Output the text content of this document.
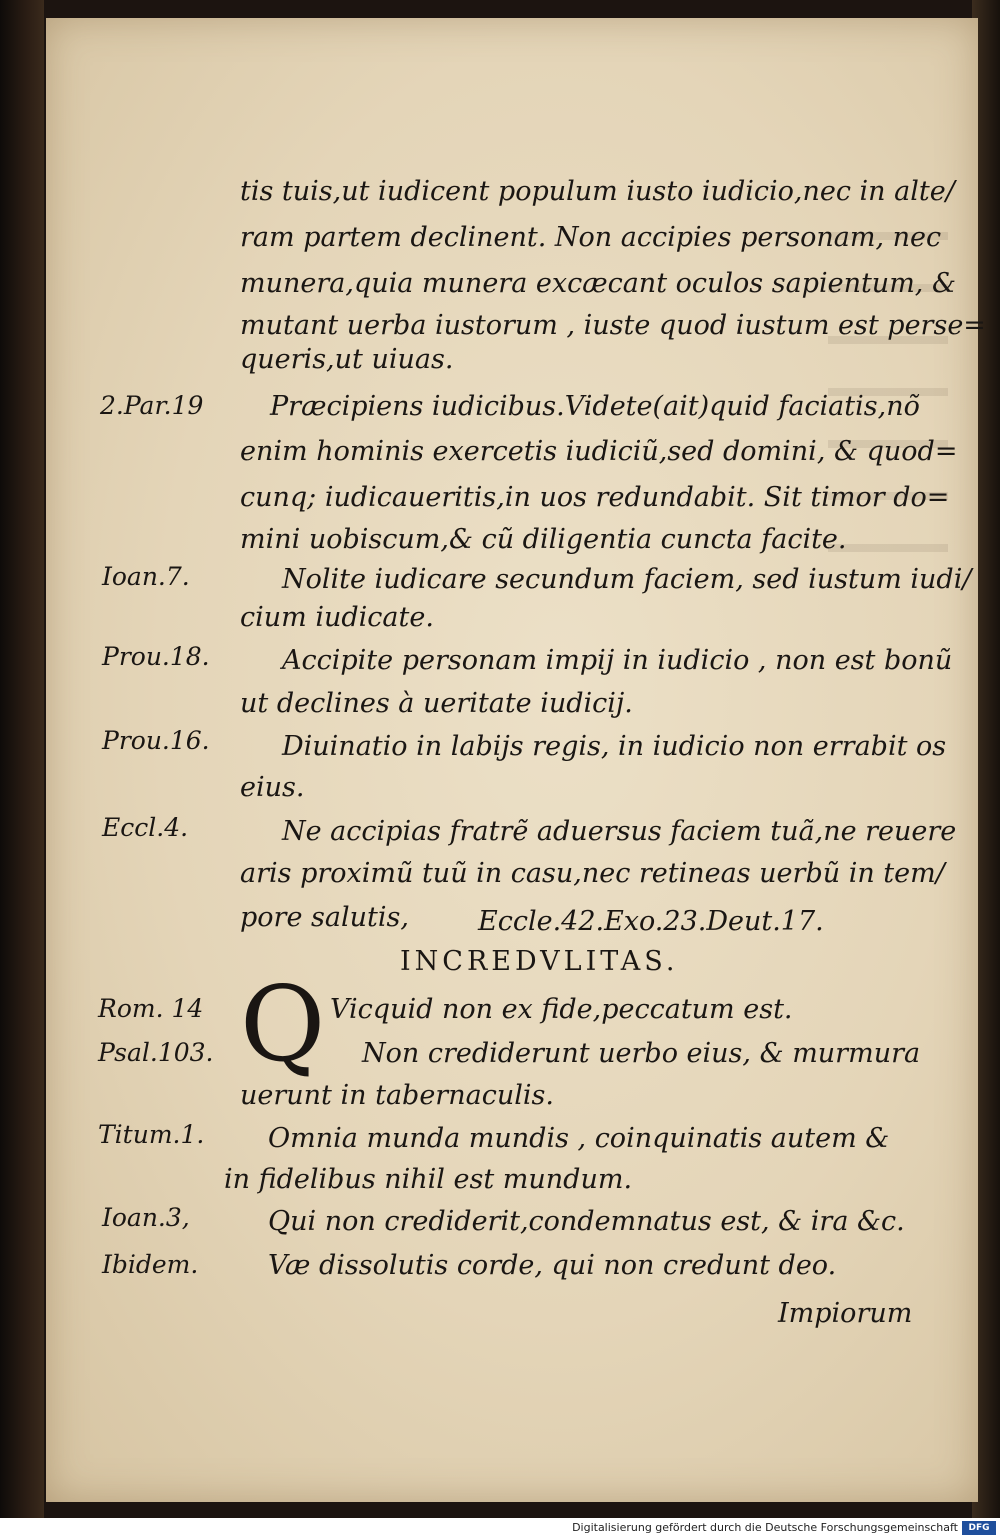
2.Par.19
Ioan.7.
Prou.18.
Prou.16.
Eccl.4.
Rom. 14
Psal.103.
Titum.1.
Ioan.3,
Ibidem.
tis tuis,ut iudicent populum iusto iudicio,nec in alte/
ram partem declinent. Non accipies personam, nec
munera,quia munera excæcant oculos sapientum, &
mutant uerba iustorum , iuste quod iustum est perse=
queris,ut uiuas.
Præcipiens iudicibus.Videte(ait)quid faciatis,nõ
enim hominis exercetis iudiciũ,sed domini, & quod=
cunq; iudicaueritis,in uos redundabit. Sit timor do=
mini uobiscum,& cũ diligentia cuncta facite.
Nolite iudicare secundum faciem, sed iustum iudi/
cium iudicate.
Accipite personam impij in iudicio , non est bonũ
ut declines à ueritate iudicij.
Diuinatio in labijs regis, in iudicio non errabit os
eius.
Ne accipias fratrẽ aduersus faciem tuã,ne reuere
aris proximũ tuũ in casu,nec retineas uerbũ in tem/
pore salutis,	Eccle.42.Exo.23.Deut.17.
INCREDVLITAS.
Q Vicquid non ex fide,peccatum est.
Non crediderunt uerbo eius, & murmura
uerunt in tabernaculis.
Omnia munda mundis , coinquinatis autem &
in fidelibus nihil est mundum.
Qui non crediderit,condemnatus est, & ira &c.
Væ dissolutis corde, qui non credunt deo.
Impiorum
Digitalisierung gefördert durch die Deutsche Forschungsgemeinschaft	DFG
